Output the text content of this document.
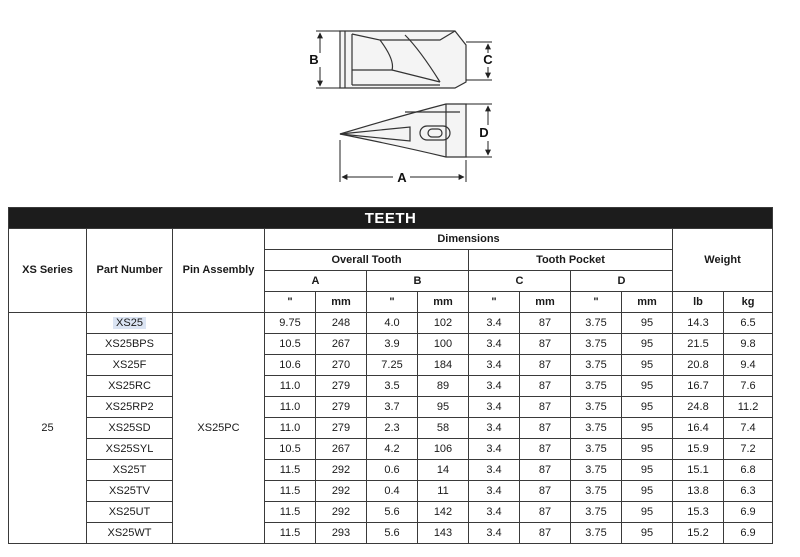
B	C
D
A
TEETH												
XS Series	Part Number	Pin Assembly	Dimensions								Weight	
			Overall Tooth				Tooth Pocket					
			A		B		C		D			
			"	mm	"	mm	"	mm	"	mm	lb	kg
25	XS25	XS25PC	9.75	248	4.0	102	3.4	87	3.75	95	14.3	6.5
	XS25BPS		10.5	267	3.9	100	3.4	87	3.75	95	21.5	9.8
	XS25F		10.6	270	7.25	184	3.4	87	3.75	95	20.8	9.4
	XS25RC		11.0	279	3.5	89	3.4	87	3.75	95	16.7	7.6
	XS25RP2		11.0	279	3.7	95	3.4	87	3.75	95	24.8	11.2
	XS25SD		11.0	279	2.3	58	3.4	87	3.75	95	16.4	7.4
	XS25SYL		10.5	267	4.2	106	3.4	87	3.75	95	15.9	7.2
	XS25T		11.5	292	0.6	14	3.4	87	3.75	95	15.1	6.8
	XS25TV		11.5	292	0.4	11	3.4	87	3.75	95	13.8	6.3
	XS25UT		11.5	292	5.6	142	3.4	87	3.75	95	15.3	6.9
	XS25WT		11.5	293	5.6	143	3.4	87	3.75	95	15.2	6.9
